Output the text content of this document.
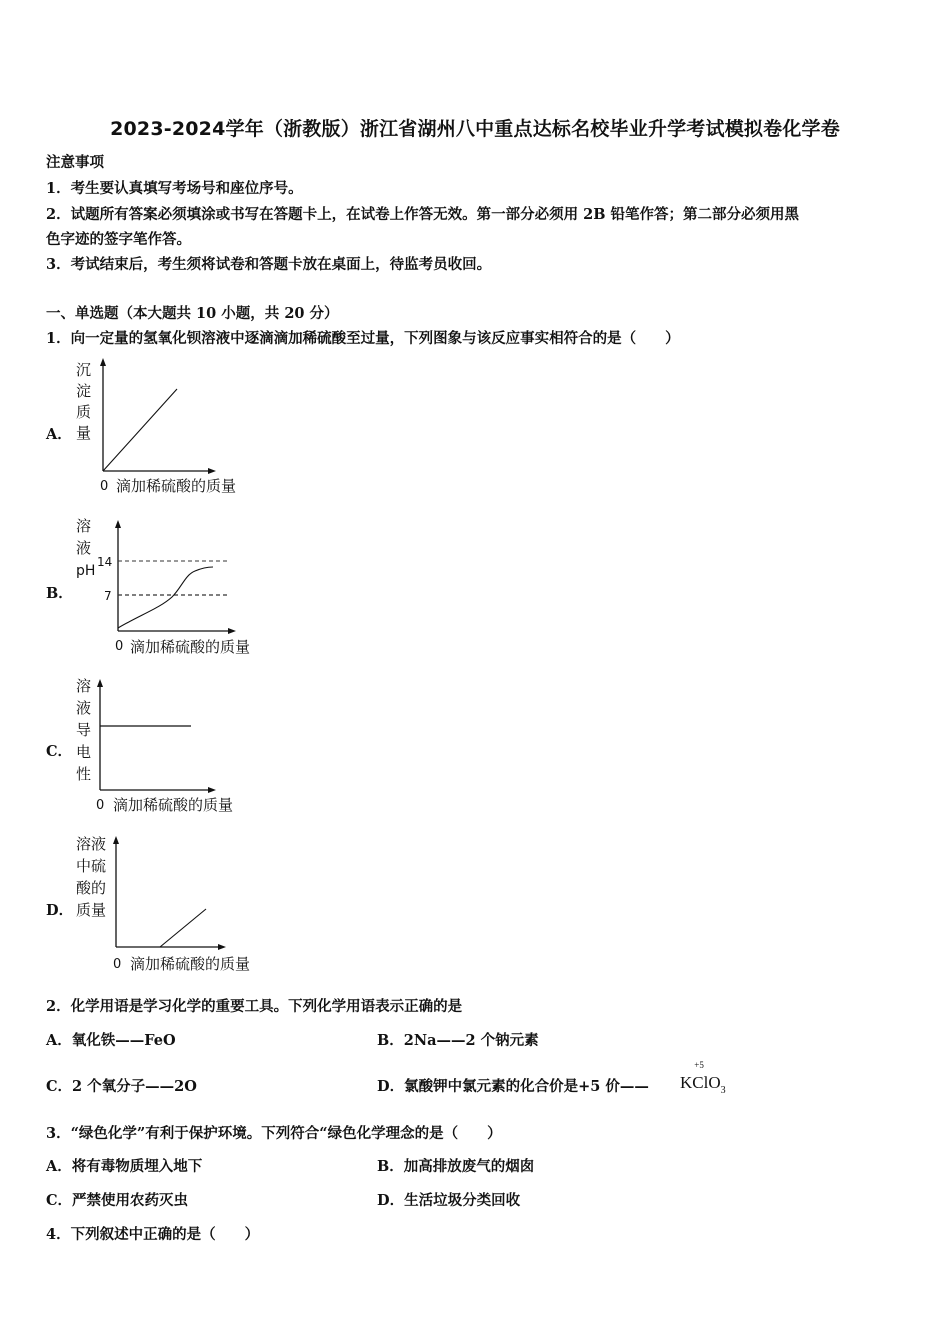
2023-2024学年（浙教版）浙江省湖州八中重点达标名校毕业升学考试模拟卷化学卷
注意事项
1．考生要认真填写考场号和座位序号。
2．试题所有答案必须填涂或书写在答题卡上，在试卷上作答无效。第一部分必须用 2B 铅笔作答；第二部分必须用黑
色字迹的签字笔作答。
3．考试结束后，考生须将试卷和答题卡放在桌面上，待监考员收回。
一、单选题（本大题共 10 小题，共 20 分）
1．向一定量的氢氧化钡溶液中逐滴滴加稀硫酸至过量，下列图象与该反应事实相符合的是（　　）
A．
沉
淀
质
量
0 滴加稀硫酸的质量
B．
溶
液
pH
14
7
0 滴加稀硫酸的质量
C．
溶
液
导
电
性
0 滴加稀硫酸的质量
D．
溶液
中硫
酸的
质量
0 滴加稀硫酸的质量
2．化学用语是学习化学的重要工具。下列化学用语表示正确的是
A．氧化铁——FeO	B．2Na——2 个钠元素
C．2 个氧分子——2O	D．氯酸钾中氯元素的化合价是+5 价—— K
+5
ClO$_3$
3．“绿色化学”有利于保护环境。下列符合“绿色化学理念的是（　　）
A．将有毒物质埋入地下	B．加高排放废气的烟囱
C．严禁使用农药灭虫	D．生活垃圾分类回收
4．下列叙述中正确的是（　　）
